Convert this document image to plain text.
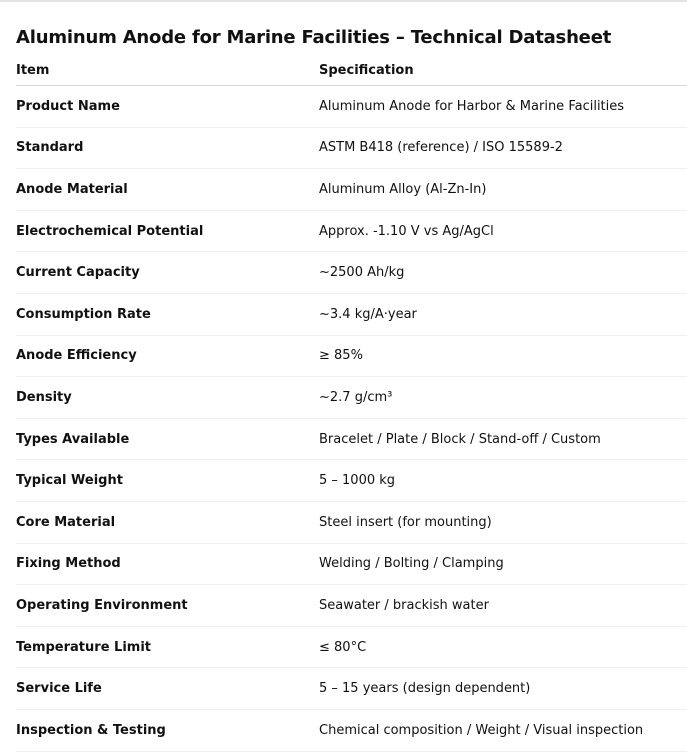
Aluminum Anode for Marine Facilities – Technical Datasheet
Item	Specification
Product Name	Aluminum Anode for Harbor & Marine Facilities
Standard	ASTM B418 (reference) / ISO 15589-2
Anode Material	Aluminum Alloy (Al-Zn-In)
Electrochemical Potential	Approx. -1.10 V vs Ag/AgCl
Current Capacity	~2500 Ah/kg
Consumption Rate	~3.4 kg/A·year
Anode Efficiency	≥ 85%
Density	~2.7 g/cm³
Types Available	Bracelet / Plate / Block / Stand-off / Custom
Typical Weight	5 – 1000 kg
Core Material	Steel insert (for mounting)
Fixing Method	Welding / Bolting / Clamping
Operating Environment	Seawater / brackish water
Temperature Limit	≤ 80°C
Service Life	5 – 15 years (design dependent)
Inspection & Testing	Chemical composition / Weight / Visual inspection
